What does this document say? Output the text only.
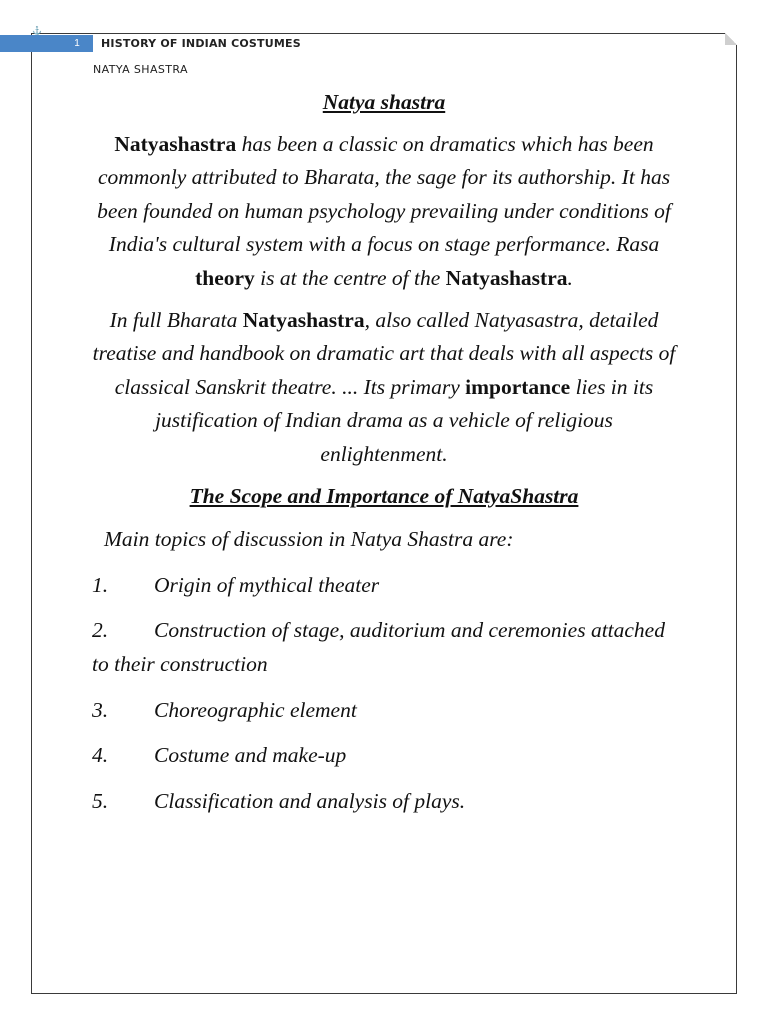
⚓
1	HISTORY OF INDIAN COSTUMES
NATYA SHASTRA
Natya shastra
Natyashastra has been a classic on dramatics which has been commonly attributed to Bharata, the sage for its authorship. It has been founded on human psychology prevailing under conditions of India's cultural system with a focus on stage performance. Rasa theory is at the centre of the Natyashastra.
In full Bharata Natyashastra, also called Natyasastra, detailed treatise and handbook on dramatic art that deals with all aspects of classical Sanskrit theatre. ... Its primary importance lies in its justification of Indian drama as a vehicle of religious enlightenment.
The Scope and Importance of NatyaShastra
Main topics of discussion in Natya Shastra are:
1. Origin of mythical theater
2. Construction of stage, auditorium and ceremonies attached to their construction
3. Choreographic element
4. Costume and make-up
5. Classification and analysis of plays.
